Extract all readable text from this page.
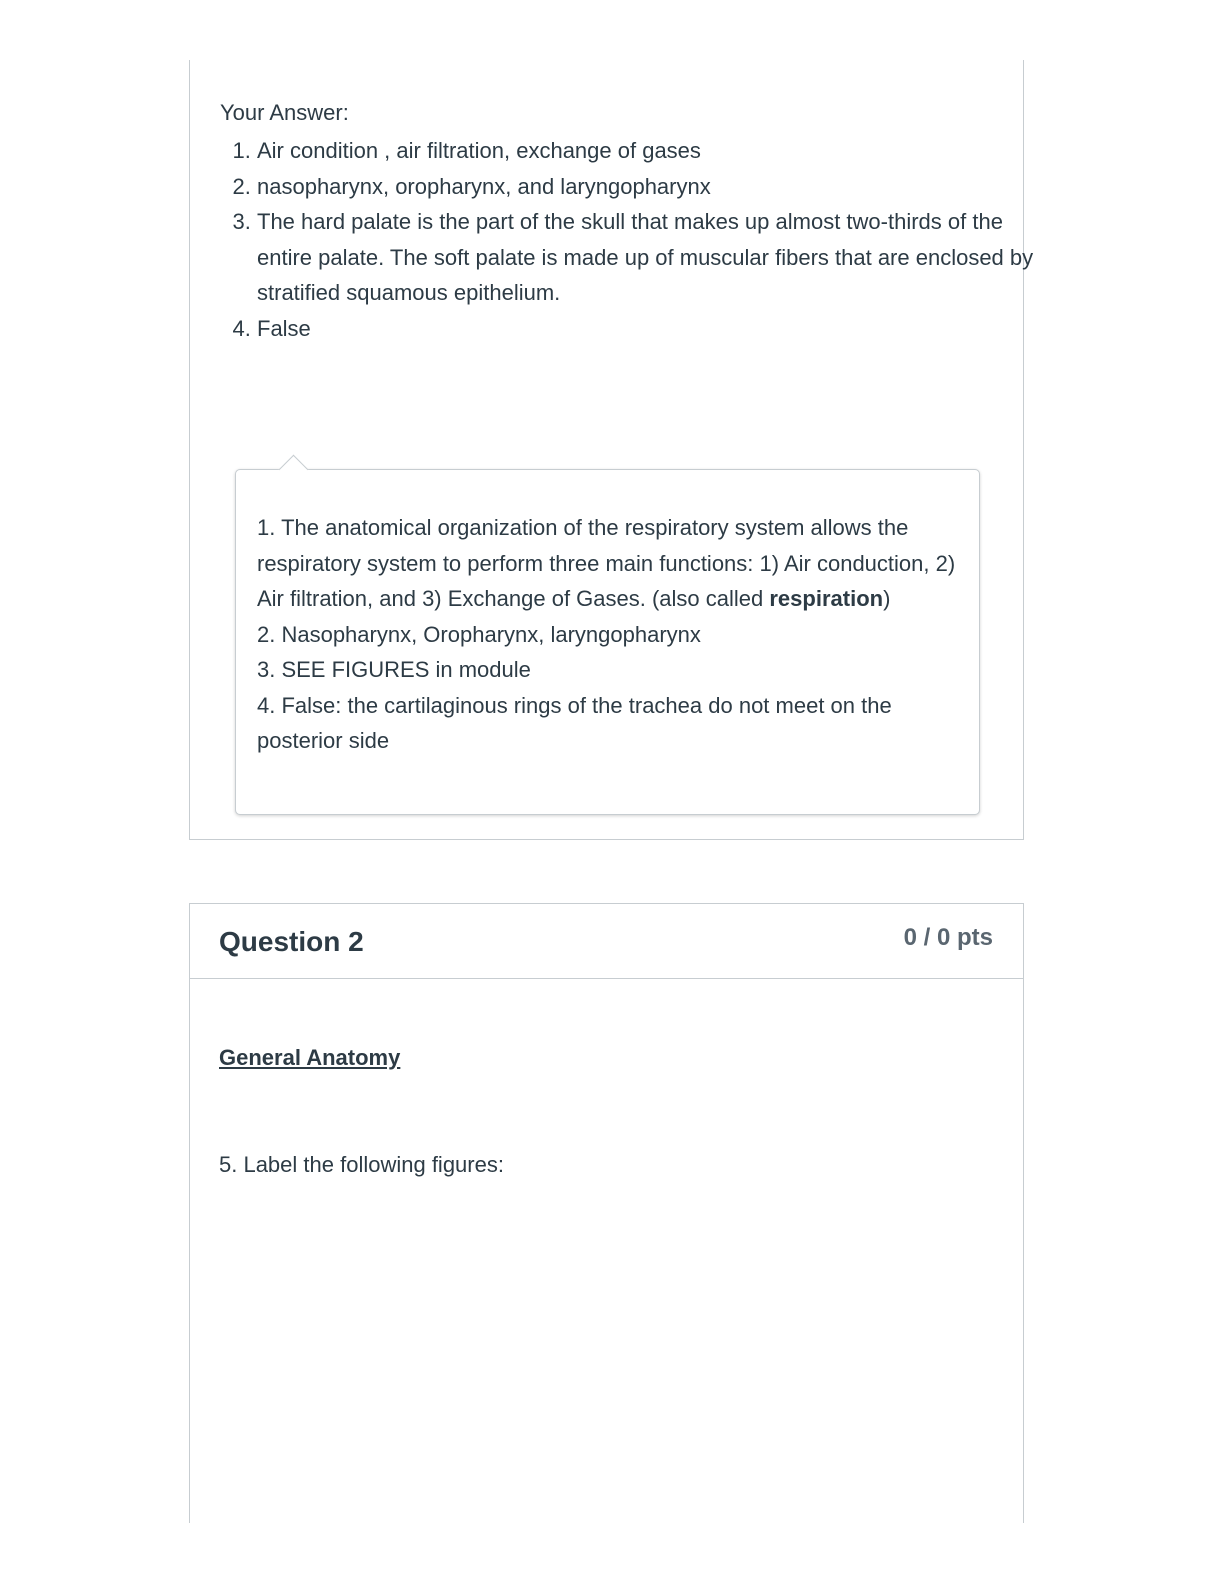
Your Answer:
1. Air condition , air filtration, exchange of gases
2. nasopharynx, oropharynx, and laryngopharynx
3. The hard palate is the part of the skull that makes up almost two-thirds of the entire palate. The soft palate is made up of muscular fibers that are enclosed by stratified squamous epithelium.
4. False

1. The anatomical organization of the respiratory system allows the respiratory system to perform three main functions: 1) Air conduction, 2) Air filtration, and 3) Exchange of Gases. (also called respiration)

2. Nasopharynx, Oropharynx, laryngopharynx

3. SEE FIGURES in module

4. False: the cartilaginous rings of the trachea do not meet on the posterior side

Question 2	0 / 0 pts
General Anatomy
5. Label the following figures:
